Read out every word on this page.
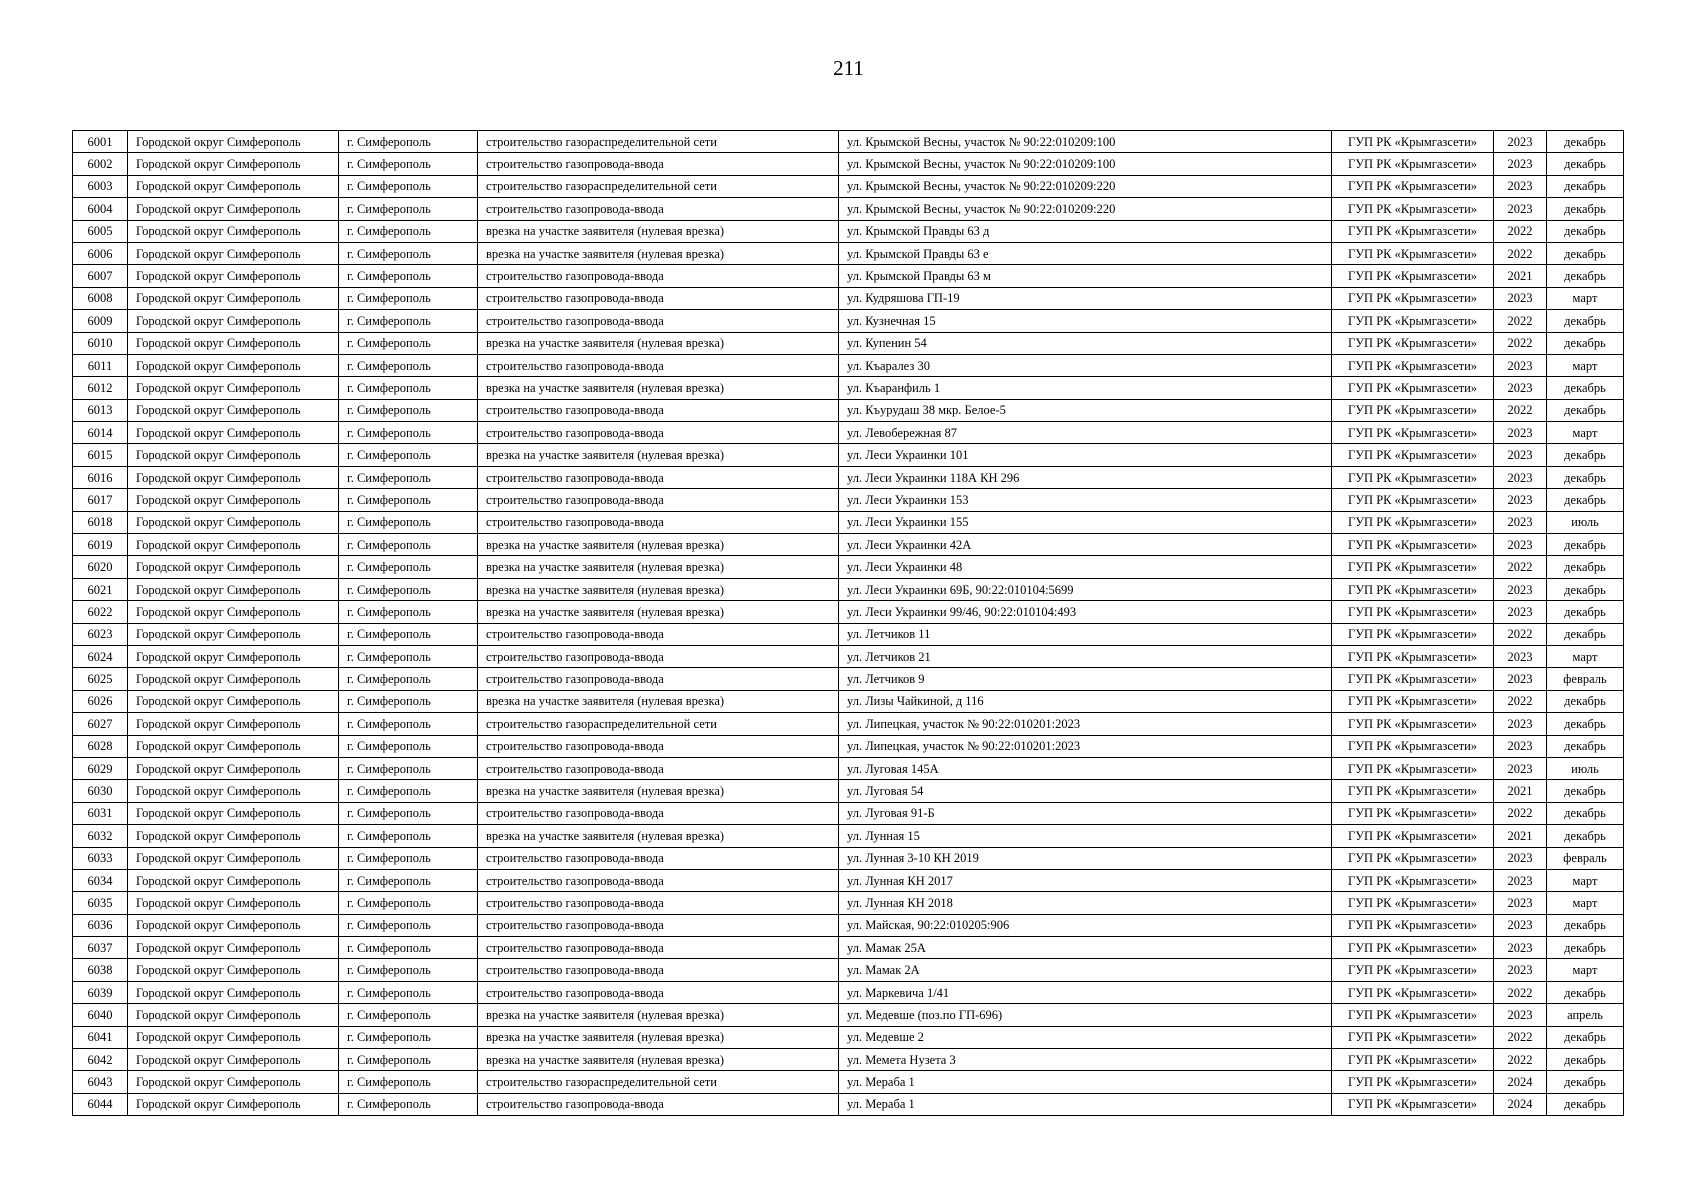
211
6001	Городской округ Симферополь	г. Симферополь	строительство газораспределительной сети	ул. Крымской Весны, участок № 90:22:010209:100	ГУП РК «Крымгазсети»	2023	декабрь
6002	Городской округ Симферополь	г. Симферополь	строительство газопровода-ввода	ул. Крымской Весны, участок № 90:22:010209:100	ГУП РК «Крымгазсети»	2023	декабрь
6003	Городской округ Симферополь	г. Симферополь	строительство газораспределительной сети	ул. Крымской Весны, участок № 90:22:010209:220	ГУП РК «Крымгазсети»	2023	декабрь
6004	Городской округ Симферополь	г. Симферополь	строительство газопровода-ввода	ул. Крымской Весны, участок № 90:22:010209:220	ГУП РК «Крымгазсети»	2023	декабрь
6005	Городской округ Симферополь	г. Симферополь	врезка на участке заявителя (нулевая врезка)	ул. Крымской Правды 63 д	ГУП РК «Крымгазсети»	2022	декабрь
6006	Городской округ Симферополь	г. Симферополь	врезка на участке заявителя (нулевая врезка)	ул. Крымской Правды 63 е	ГУП РК «Крымгазсети»	2022	декабрь
6007	Городской округ Симферополь	г. Симферополь	строительство газопровода-ввода	ул. Крымской Правды 63 м	ГУП РК «Крымгазсети»	2021	декабрь
6008	Городской округ Симферополь	г. Симферополь	строительство газопровода-ввода	ул. Кудряшова ГП-19	ГУП РК «Крымгазсети»	2023	март
6009	Городской округ Симферополь	г. Симферополь	строительство газопровода-ввода	ул. Кузнечная 15	ГУП РК «Крымгазсети»	2022	декабрь
6010	Городской округ Симферополь	г. Симферополь	врезка на участке заявителя (нулевая врезка)	ул. Купенин 54	ГУП РК «Крымгазсети»	2022	декабрь
6011	Городской округ Симферополь	г. Симферополь	строительство газопровода-ввода	ул. Къаралез 30	ГУП РК «Крымгазсети»	2023	март
6012	Городской округ Симферополь	г. Симферополь	врезка на участке заявителя (нулевая врезка)	ул. Къаранфиль 1	ГУП РК «Крымгазсети»	2023	декабрь
6013	Городской округ Симферополь	г. Симферополь	строительство газопровода-ввода	ул. Къурудаш 38 мкр. Белое-5	ГУП РК «Крымгазсети»	2022	декабрь
6014	Городской округ Симферополь	г. Симферополь	строительство газопровода-ввода	ул. Левобережная 87	ГУП РК «Крымгазсети»	2023	март
6015	Городской округ Симферополь	г. Симферополь	врезка на участке заявителя (нулевая врезка)	ул. Леси Украинки 101	ГУП РК «Крымгазсети»	2023	декабрь
6016	Городской округ Симферополь	г. Симферополь	строительство газопровода-ввода	ул. Леси Украинки 118А КН 296	ГУП РК «Крымгазсети»	2023	декабрь
6017	Городской округ Симферополь	г. Симферополь	строительство газопровода-ввода	ул. Леси Украинки 153	ГУП РК «Крымгазсети»	2023	декабрь
6018	Городской округ Симферополь	г. Симферополь	строительство газопровода-ввода	ул. Леси Украинки 155	ГУП РК «Крымгазсети»	2023	июль
6019	Городской округ Симферополь	г. Симферополь	врезка на участке заявителя (нулевая врезка)	ул. Леси Украинки 42А	ГУП РК «Крымгазсети»	2023	декабрь
6020	Городской округ Симферополь	г. Симферополь	врезка на участке заявителя (нулевая врезка)	ул. Леси Украинки 48	ГУП РК «Крымгазсети»	2022	декабрь
6021	Городской округ Симферополь	г. Симферополь	врезка на участке заявителя (нулевая врезка)	ул. Леси Украинки 69Б, 90:22:010104:5699	ГУП РК «Крымгазсети»	2023	декабрь
6022	Городской округ Симферополь	г. Симферополь	врезка на участке заявителя (нулевая врезка)	ул. Леси Украинки 99/46, 90:22:010104:493	ГУП РК «Крымгазсети»	2023	декабрь
6023	Городской округ Симферополь	г. Симферополь	строительство газопровода-ввода	ул. Летчиков 11	ГУП РК «Крымгазсети»	2022	декабрь
6024	Городской округ Симферополь	г. Симферополь	строительство газопровода-ввода	ул. Летчиков 21	ГУП РК «Крымгазсети»	2023	март
6025	Городской округ Симферополь	г. Симферополь	строительство газопровода-ввода	ул. Летчиков 9	ГУП РК «Крымгазсети»	2023	февраль
6026	Городской округ Симферополь	г. Симферополь	врезка на участке заявителя (нулевая врезка)	ул. Лизы Чайкиной, д 116	ГУП РК «Крымгазсети»	2022	декабрь
6027	Городской округ Симферополь	г. Симферополь	строительство газораспределительной сети	ул. Липецкая, участок № 90:22:010201:2023	ГУП РК «Крымгазсети»	2023	декабрь
6028	Городской округ Симферополь	г. Симферополь	строительство газопровода-ввода	ул. Липецкая, участок № 90:22:010201:2023	ГУП РК «Крымгазсети»	2023	декабрь
6029	Городской округ Симферополь	г. Симферополь	строительство газопровода-ввода	ул. Луговая 145А	ГУП РК «Крымгазсети»	2023	июль
6030	Городской округ Симферополь	г. Симферополь	врезка на участке заявителя (нулевая врезка)	ул. Луговая 54	ГУП РК «Крымгазсети»	2021	декабрь
6031	Городской округ Симферополь	г. Симферополь	строительство газопровода-ввода	ул. Луговая 91-Б	ГУП РК «Крымгазсети»	2022	декабрь
6032	Городской округ Симферополь	г. Симферополь	врезка на участке заявителя (нулевая врезка)	ул. Лунная 15	ГУП РК «Крымгазсети»	2021	декабрь
6033	Городской округ Симферополь	г. Симферополь	строительство газопровода-ввода	ул. Лунная 3-10 КН 2019	ГУП РК «Крымгазсети»	2023	февраль
6034	Городской округ Симферополь	г. Симферополь	строительство газопровода-ввода	ул. Лунная КН 2017	ГУП РК «Крымгазсети»	2023	март
6035	Городской округ Симферополь	г. Симферополь	строительство газопровода-ввода	ул. Лунная КН 2018	ГУП РК «Крымгазсети»	2023	март
6036	Городской округ Симферополь	г. Симферополь	строительство газопровода-ввода	ул. Майская, 90:22:010205:906	ГУП РК «Крымгазсети»	2023	декабрь
6037	Городской округ Симферополь	г. Симферополь	строительство газопровода-ввода	ул. Мамак 25А	ГУП РК «Крымгазсети»	2023	декабрь
6038	Городской округ Симферополь	г. Симферополь	строительство газопровода-ввода	ул. Мамак 2А	ГУП РК «Крымгазсети»	2023	март
6039	Городской округ Симферополь	г. Симферополь	строительство газопровода-ввода	ул. Маркевича 1/41	ГУП РК «Крымгазсети»	2022	декабрь
6040	Городской округ Симферополь	г. Симферополь	врезка на участке заявителя (нулевая врезка)	ул. Медевше (поз.по ГП-696)	ГУП РК «Крымгазсети»	2023	апрель
6041	Городской округ Симферополь	г. Симферополь	врезка на участке заявителя (нулевая врезка)	ул. Медевше 2	ГУП РК «Крымгазсети»	2022	декабрь
6042	Городской округ Симферополь	г. Симферополь	врезка на участке заявителя (нулевая врезка)	ул. Мемета Нузета 3	ГУП РК «Крымгазсети»	2022	декабрь
6043	Городской округ Симферополь	г. Симферополь	строительство газораспределительной сети	ул. Мераба 1	ГУП РК «Крымгазсети»	2024	декабрь
6044	Городской округ Симферополь	г. Симферополь	строительство газопровода-ввода	ул. Мераба 1	ГУП РК «Крымгазсети»	2024	декабрь
